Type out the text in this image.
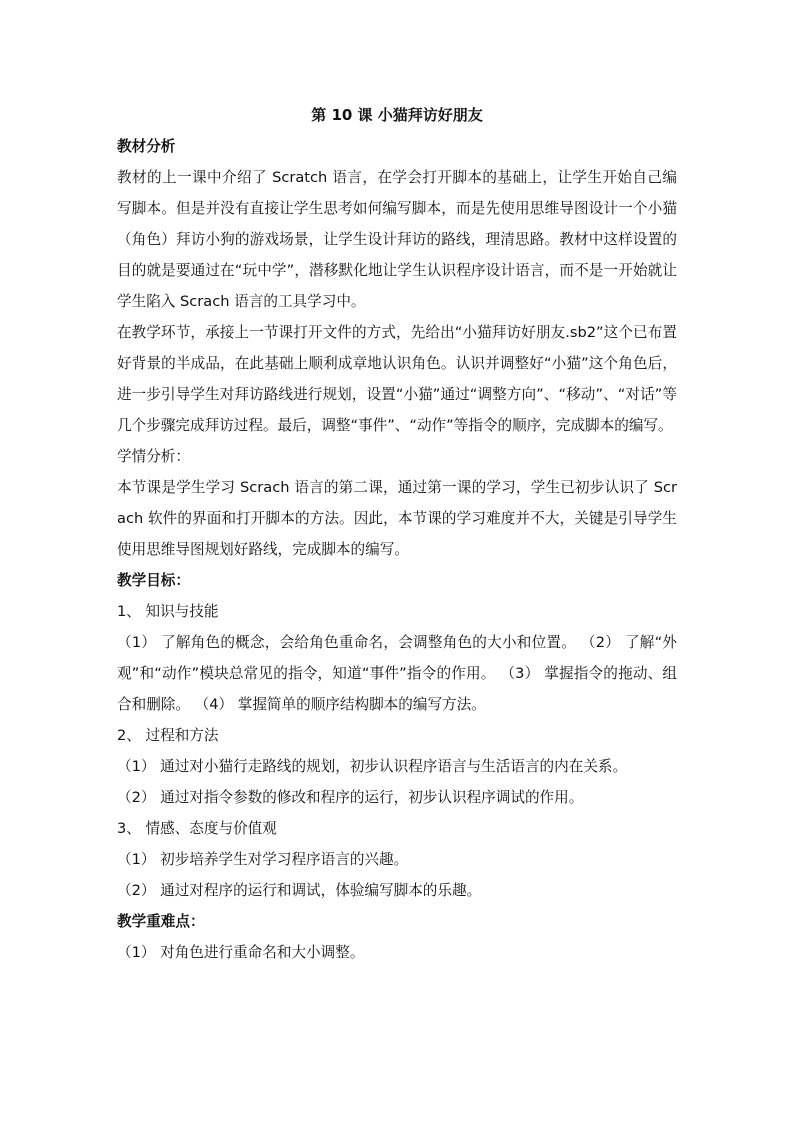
第 10 课 小猫拜访好朋友

教材分析

教材的上一课中介绍了 Scratch 语言，在学会打开脚本的基础上，让学生开始自己编写脚本。但是并没有直接让学生思考如何编写脚本，而是先使用思维导图设计一个小猫（角色）拜访小狗的游戏场景，让学生设计拜访的路线，理清思路。教材中这样设置的目的就是要通过在“玩中学”，潜移默化地让学生认识程序设计语言，而不是一开始就让学生陷入 Scrach 语言的工具学习中。

在教学环节，承接上一节课打开文件的方式，先给出“小猫拜访好朋友.sb2”这个已布置好背景的半成品，在此基础上顺利成章地认识角色。认识并调整好“小猫”这个角色后，进一步引导学生对拜访路线进行规划，设置“小猫”通过“调整方向”、“移动”、“对话”等几个步骤完成拜访过程。最后，调整“事件”、“动作”等指令的顺序，完成脚本的编写。

学情分析：

本节课是学生学习 Scrach 语言的第二课，通过第一课的学习，学生已初步认识了 Scrach 软件的界面和打开脚本的方法。因此，本节课的学习难度并不大，关键是引导学生使用思维导图规划好路线，完成脚本的编写。

教学目标：

1、 知识与技能

（1） 了解角色的概念，会给角色重命名，会调整角色的大小和位置。 （2） 了解“外观”和“动作”模块总常见的指令，知道“事件”指令的作用。 （3） 掌握指令的拖动、组合和删除。 （4） 掌握简单的顺序结构脚本的编写方法。

2、 过程和方法

（1） 通过对小猫行走路线的规划，初步认识程序语言与生活语言的内在关系。

（2） 通过对指令参数的修改和程序的运行，初步认识程序调试的作用。

3、 情感、态度与价值观

（1） 初步培养学生对学习程序语言的兴趣。

（2） 通过对程序的运行和调试，体验编写脚本的乐趣。

教学重难点：

（1） 对角色进行重命名和大小调整。
